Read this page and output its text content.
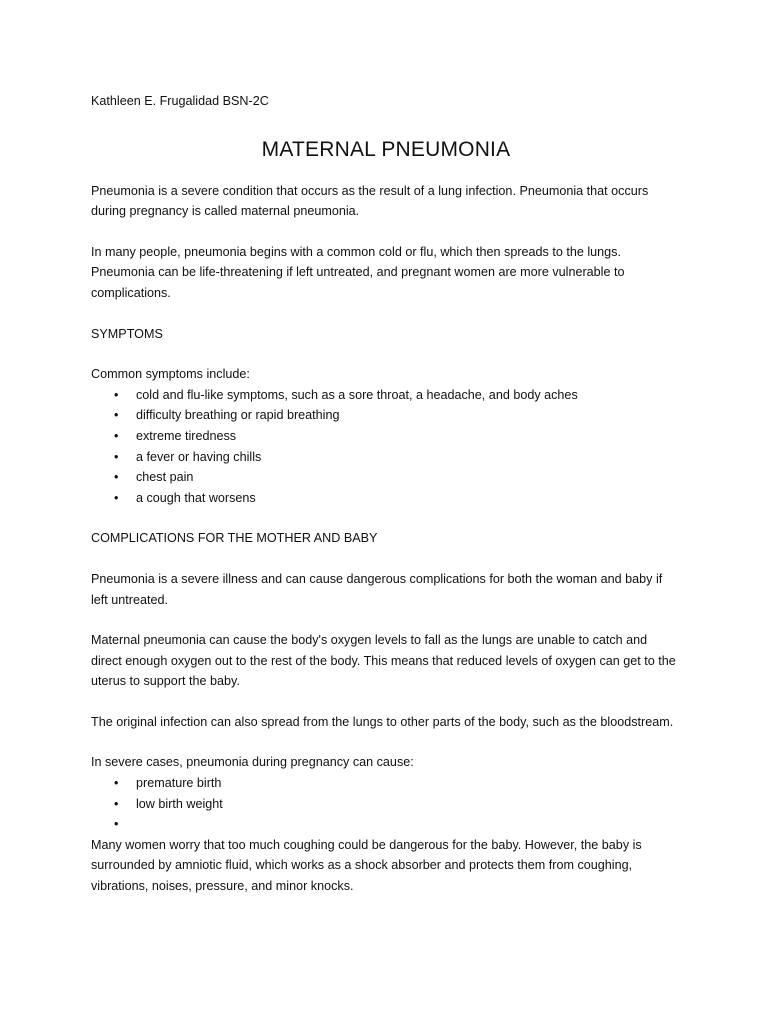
Kathleen E. Frugalidad BSN-2C

MATERNAL PNEUMONIA

Pneumonia is a severe condition that occurs as the result of a lung infection. Pneumonia that occurs during pregnancy is called maternal pneumonia.

In many people, pneumonia begins with a common cold or flu, which then spreads to the lungs. Pneumonia can be life-threatening if left untreated, and pregnant women are more vulnerable to complications.

SYMPTOMS

Common symptoms include:

• cold and flu-like symptoms, such as a sore throat, a headache, and body aches
• difficulty breathing or rapid breathing
• extreme tiredness
• a fever or having chills
• chest pain
• a cough that worsens

COMPLICATIONS FOR THE MOTHER AND BABY

Pneumonia is a severe illness and can cause dangerous complications for both the woman and baby if left untreated.

Maternal pneumonia can cause the body's oxygen levels to fall as the lungs are unable to catch and direct enough oxygen out to the rest of the body. This means that reduced levels of oxygen can get to the uterus to support the baby.

The original infection can also spread from the lungs to other parts of the body, such as the bloodstream.

In severe cases, pneumonia during pregnancy can cause:

• premature birth
• low birth weight
•

Many women worry that too much coughing could be dangerous for the baby. However, the baby is surrounded by amniotic fluid, which works as a shock absorber and protects them from coughing, vibrations, noises, pressure, and minor knocks.
